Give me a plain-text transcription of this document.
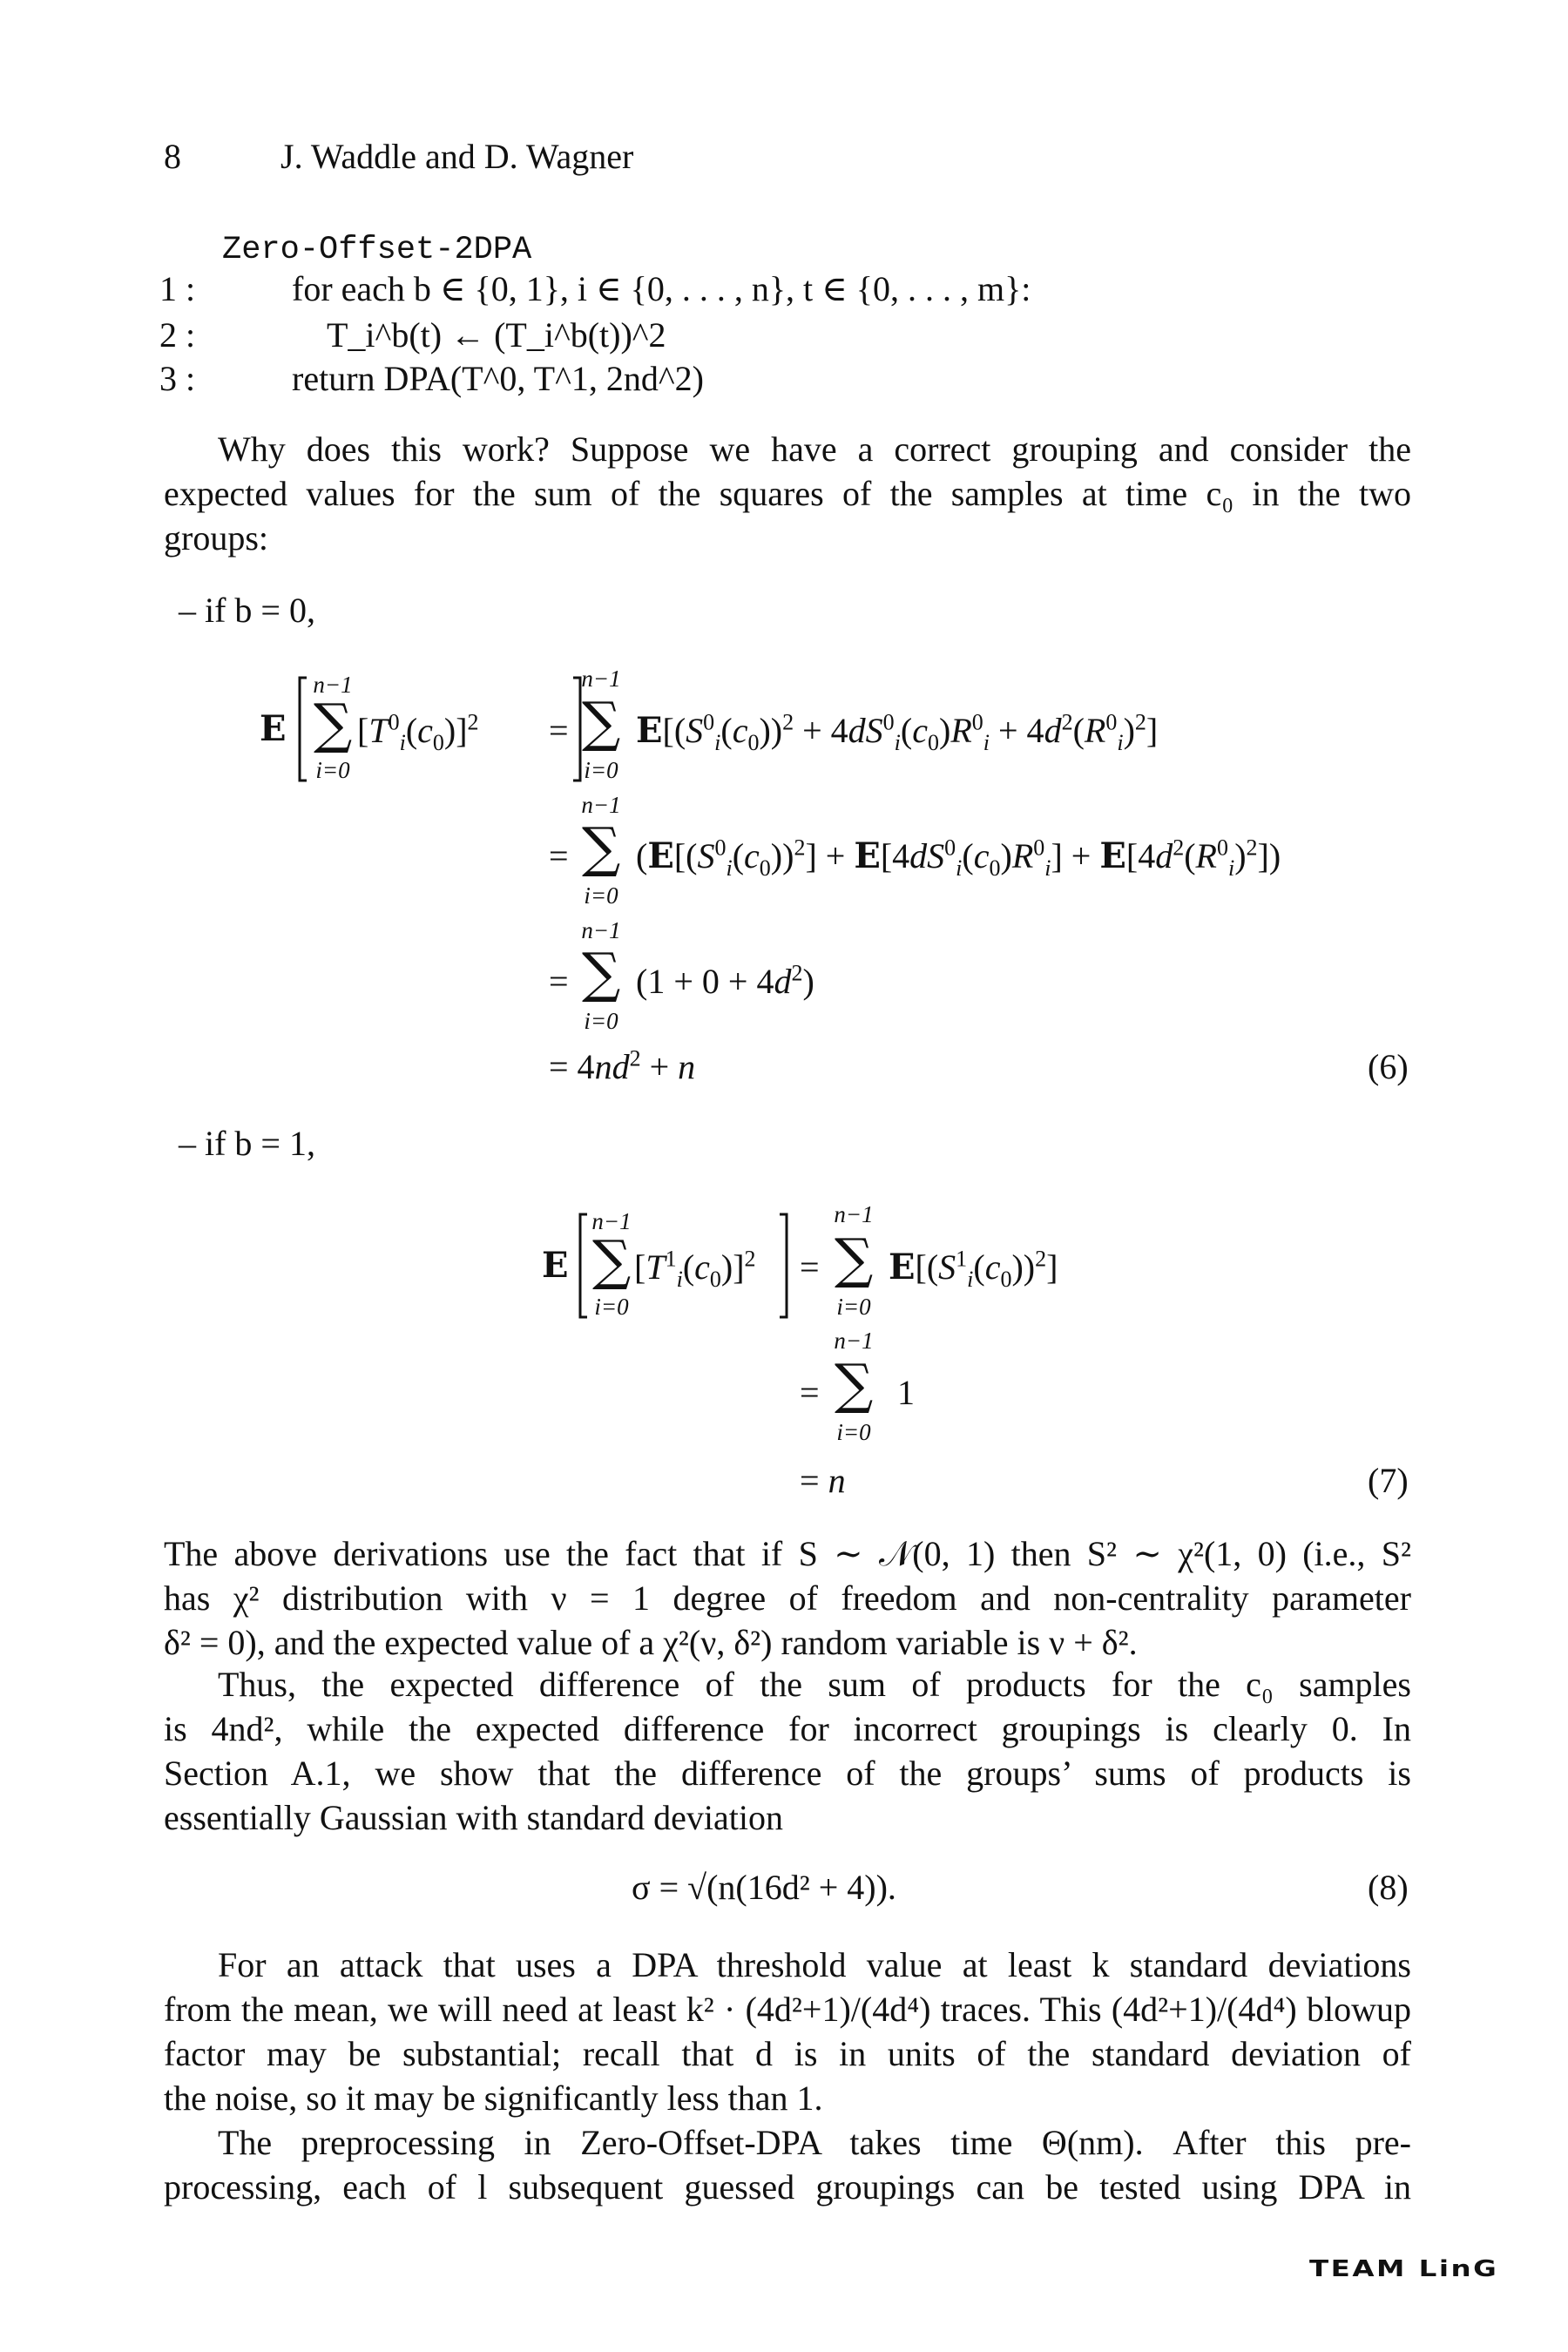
8	J. Waddle and D. Wagner
Zero-Offset-2DPA
1 :	for each b ∈ {0, 1}, i ∈ {0, . . . , n}, t ∈ {0, . . . , m}:
2 :	T_i^b(t) ← (T_i^b(t))^2
3 :	return DPA(T^0, T^1, 2nd^2)
Why does this work? Suppose we have a correct grouping and consider the
expected values for the sum of the squares of the samples at time c₀ in the two
groups:
– if b = 0,
E
n−1
∑
i=0
$[T^0_i(c_0)]^2$ =
n−1
∑
i=0
$E[(S^0_i(c_0))^2 + 4dS^0_i(c_0)R^0_i + 4d^2(R^0_i)^2]$
=
n−1
∑
i=0
$(E[(S^0_i(c_0))^2] + E[4dS^0_i(c_0)R^0_i] + E[4d^2(R^0_i)^2])$
=
n−1
∑
i=0
$(1 + 0 + 4d^2)$
= $4nd^2 + n$	(6)
– if b = 1,
E
n−1
∑
i=0
$[T^1_i(c_0)]^2$ =
n−1
∑
i=0
$E[(S^1_i(c_0))^2]$
=
n−1
∑
i=0
1
= n	(7)
The above derivations use the fact that if S ∼ 𝒩(0, 1) then S² ∼ χ²(1, 0) (i.e., S²
has χ² distribution with ν = 1 degree of freedom and non-centrality parameter
δ² = 0), and the expected value of a χ²(ν, δ²) random variable is ν + δ².
Thus, the expected difference of the sum of products for the c₀ samples
is 4nd², while the expected difference for incorrect groupings is clearly 0. In
Section A.1, we show that the difference of the groups’ sums of products is
essentially Gaussian with standard deviation
σ = √(n(16d² + 4)).	(8)
For an attack that uses a DPA threshold value at least k standard deviations
from the mean, we will need at least k² · (4d²+1)/(4d⁴) traces. This (4d²+1)/(4d⁴) blowup
factor may be substantial; recall that d is in units of the standard deviation of
the noise, so it may be significantly less than 1.
The preprocessing in Zero-Offset-DPA takes time Θ(nm). After this pre-
processing, each of l subsequent guessed groupings can be tested using DPA in
TEAM LinG
